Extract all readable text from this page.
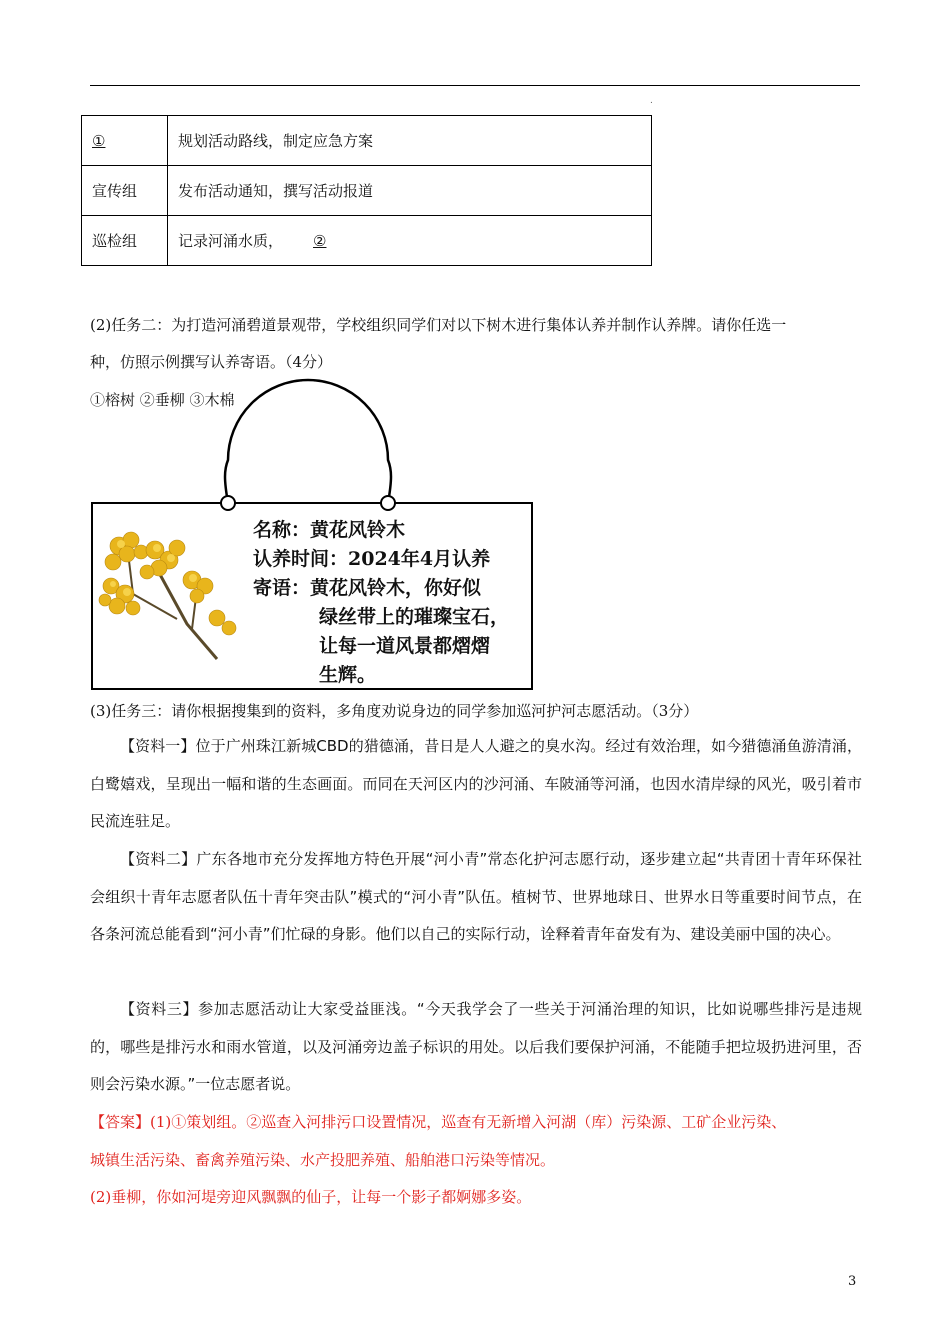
.
①	规划活动路线，制定应急方案
宣传组	发布活动通知，撰写活动报道
巡检组	记录河涌水质， ②
(2)任务二：为打造河涌碧道景观带，学校组织同学们对以下树木进行集体认养并制作认养牌。请你任选一
种，仿照示例撰写认养寄语。（4分）
①榕树 ②垂柳 ③木棉
名称：黄花风铃木
认养时间：2024年4月认养
寄语：黄花风铃木，你好似
绿丝带上的璀璨宝石，
让每一道风景都熠熠
生辉。
(3)任务三：请你根据搜集到的资料，多角度劝说身边的同学参加巡河护河志愿活动。（3分）
【资料一】位于广州珠江新城CBD的猎德涌，昔日是人人避之的臭水沟。经过有效治理，如今猎德涌鱼游清涌，白鹭嬉戏，呈现出一幅和谐的生态画面。而同在天河区内的沙河涌、车陂涌等河涌，也因水清岸绿的风光，吸引着市民流连驻足。
【资料二】广东各地市充分发挥地方特色开展“河小青”常态化护河志愿行动，逐步建立起“共青团十青年环保社会组织十青年志愿者队伍十青年突击队”模式的“河小青”队伍。植树节、世界地球日、世界水日等重要时间节点，在各条河流总能看到“河小青”们忙碌的身影。他们以自己的实际行动，诠释着青年奋发有为、建设美丽中国的决心。
【资料三】参加志愿活动让大家受益匪浅。“今天我学会了一些关于河涌治理的知识，比如说哪些排污是违规的，哪些是排污水和雨水管道，以及河涌旁边盖子标识的用处。以后我们要保护河涌，不能随手把垃圾扔进河里，否则会污染水源。”一位志愿者说。
【答案】(1)①策划组。②巡查入河排污口设置情况，巡查有无新增入河湖（库）污染源、工矿企业污染、
城镇生活污染、畜禽养殖污染、水产投肥养殖、船舶港口污染等情况。
(2)垂柳，你如河堤旁迎风飘飘的仙子，让每一个影子都婀娜多姿。
3
